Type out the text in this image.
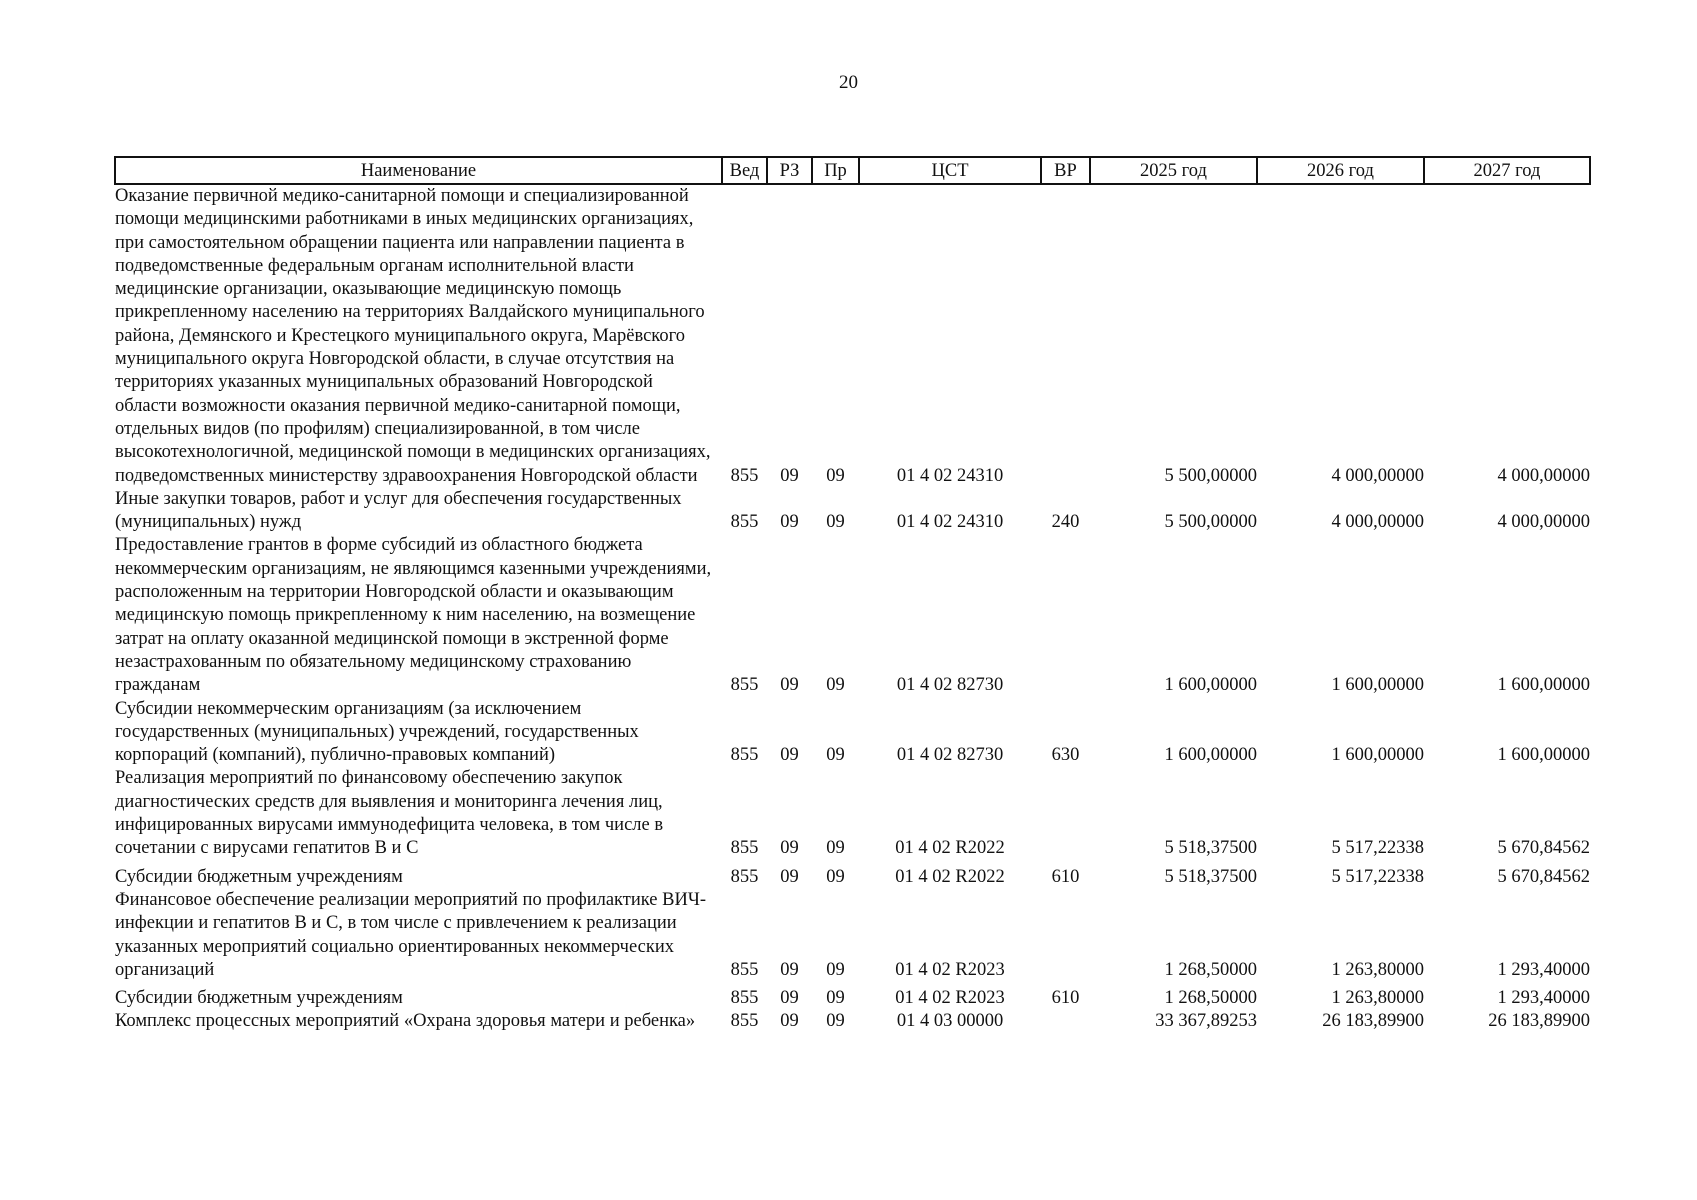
20
Наименование	Вед	РЗ	Пр	ЦСТ	ВР	2025 год	2026 год	2027 год
Оказание первичной медико-санитарной помощи и специализированной помощи медицинскими работниками в иных медицинских организациях, при самостоятельном обращении пациента или направлении пациента в подведомственные федеральным органам исполнительной власти медицинские организации, оказывающие медицинскую помощь прикрепленному населению на территориях Валдайского муниципального района, Демянского и Крестецкого муниципального округа, Марёвского муниципального округа Новгородской области, в случае отсутствия на территориях указанных муниципальных образований Новгородской области возможности оказания первичной медико-санитарной помощи, отдельных видов (по профилям) специализированной, в том числе высокотехнологичной, медицинской помощи в медицинских организациях, подведомственных министерству здравоохранения Новгородской области	855	09	09	01 4 02 24310		5 500,00000	4 000,00000	4 000,00000
Иные закупки товаров, работ и услуг для обеспечения государственных (муниципальных) нужд	855	09	09	01 4 02 24310	240	5 500,00000	4 000,00000	4 000,00000
Предоставление грантов в форме субсидий из областного бюджета некоммерческим организациям, не являющимся казенными учреждениями, расположенным на территории Новгородской области и оказывающим медицинскую помощь прикрепленному к ним населению, на возмещение затрат на оплату оказанной медицинской помощи в экстренной форме незастрахованным по обязательному медицинскому страхованию гражданам	855	09	09	01 4 02 82730		1 600,00000	1 600,00000	1 600,00000
Субсидии некоммерческим организациям (за исключением государственных (муниципальных) учреждений, государственных корпораций (компаний), публично-правовых компаний)	855	09	09	01 4 02 82730	630	1 600,00000	1 600,00000	1 600,00000
Реализация мероприятий по финансовому обеспечению закупок диагностических средств для выявления и мониторинга лечения лиц, инфицированных вирусами иммунодефицита человека, в том числе в сочетании с вирусами гепатитов B и C	855	09	09	01 4 02 R2022		5 518,37500	5 517,22338	5 670,84562
Субсидии бюджетным учреждениям	855	09	09	01 4 02 R2022	610	5 518,37500	5 517,22338	5 670,84562
Финансовое обеспечение реализации мероприятий по профилактике ВИЧ-инфекции и гепатитов B и C, в том числе с привлечением к реализации указанных мероприятий социально ориентированных некоммерческих организаций	855	09	09	01 4 02 R2023		1 268,50000	1 263,80000	1 293,40000
Субсидии бюджетным учреждениям	855	09	09	01 4 02 R2023	610	1 268,50000	1 263,80000	1 293,40000
Комплекс процессных мероприятий «Охрана здоровья матери и ребенка»	855	09	09	01 4 03 00000		33 367,89253	26 183,89900	26 183,89900
